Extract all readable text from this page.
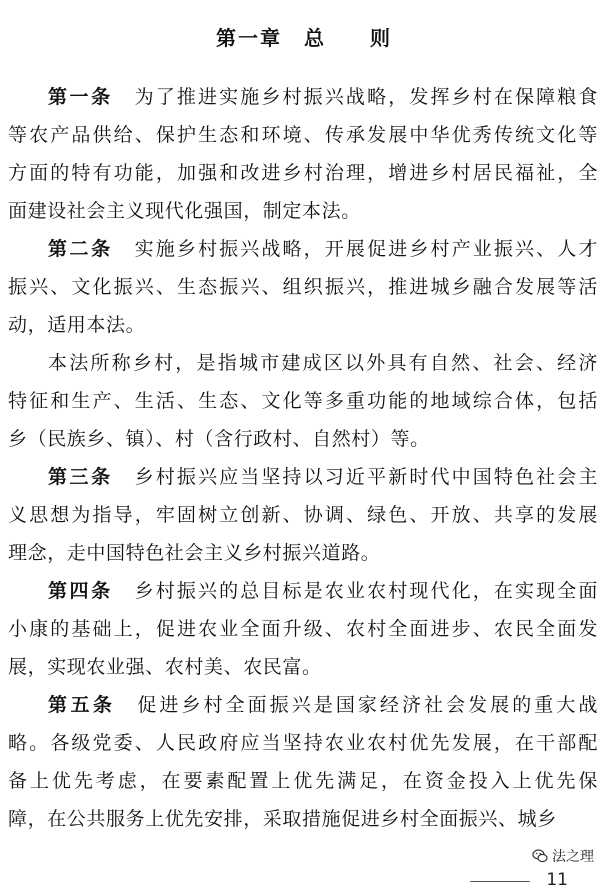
第一章　总　　则
第一条 为了推进实施乡村振兴战略，发挥乡村在保障粮食
等农产品供给、保护生态和环境、传承发展中华优秀传统文化等
方面的特有功能，加强和改进乡村治理，增进乡村居民福祉，全
面建设社会主义现代化强国，制定本法。
第二条 实施乡村振兴战略，开展促进乡村产业振兴、人才
振兴、文化振兴、生态振兴、组织振兴，推进城乡融合发展等活
动，适用本法。
本法所称乡村，是指城市建成区以外具有自然、社会、经济
特征和生产、生活、生态、文化等多重功能的地域综合体，包括
乡（民族乡、镇）、村（含行政村、自然村）等。
第三条 乡村振兴应当坚持以习近平新时代中国特色社会主
义思想为指导，牢固树立创新、协调、绿色、开放、共享的发展
理念，走中国特色社会主义乡村振兴道路。
第四条 乡村振兴的总目标是农业农村现代化，在实现全面
小康的基础上，促进农业全面升级、农村全面进步、农民全面发
展，实现农业强、农村美、农民富。
第五条 促进乡村全面振兴是国家经济社会发展的重大战
略。各级党委、人民政府应当坚持农业农村优先发展，在干部配
备上优先考虑，在要素配置上优先满足，在资金投入上优先保
障，在公共服务上优先安排，采取措施促进乡村全面振兴、城乡
法之理
11
